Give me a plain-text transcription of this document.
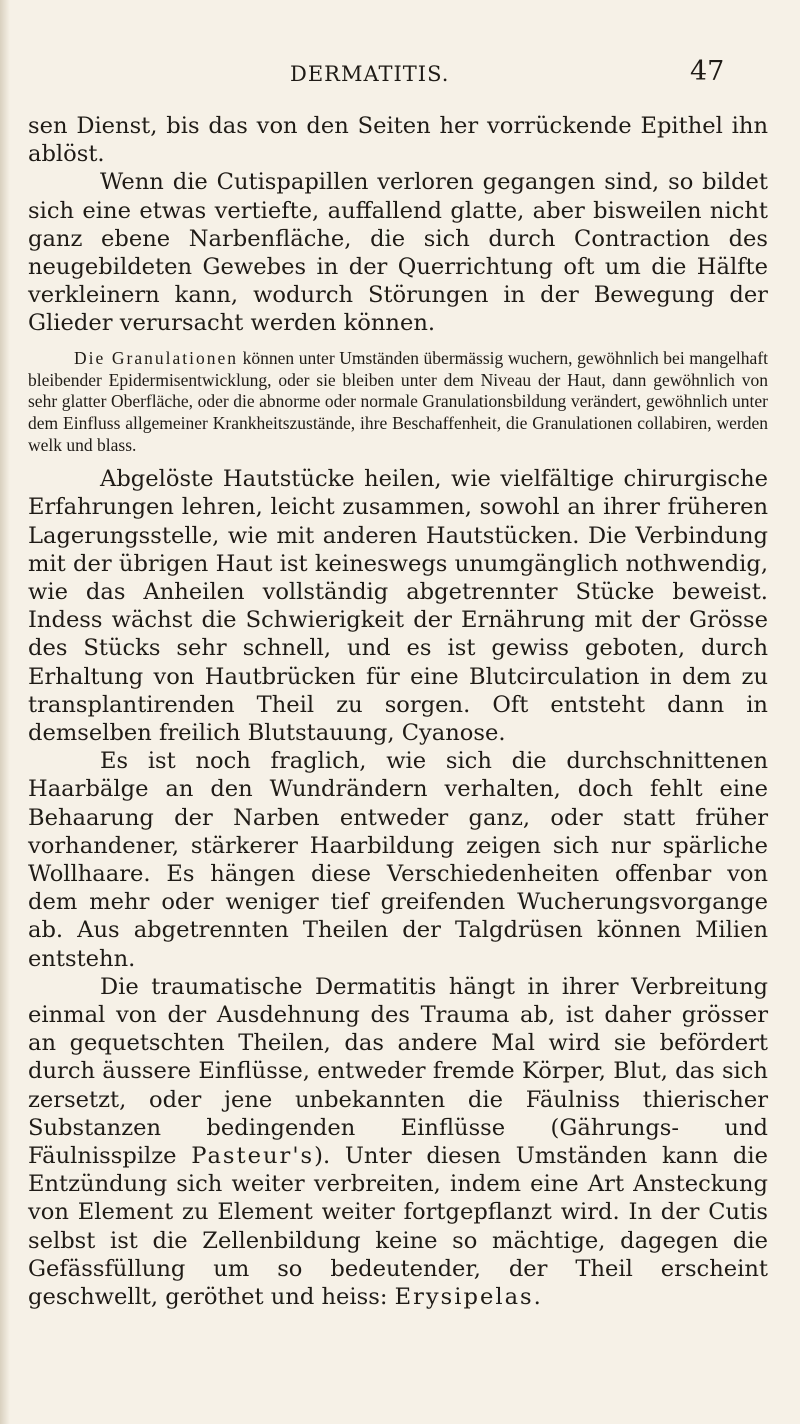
DERMATITIS.	47

sen Dienst, bis das von den Seiten her vorrückende Epithel ihn ablöst.

Wenn die Cutispapillen verloren gegangen sind, so bildet sich eine etwas vertiefte, auffallend glatte, aber bisweilen nicht ganz ebene Narbenfläche, die sich durch Contraction des neugebildeten Gewebes in der Querrichtung oft um die Hälfte verkleinern kann, wodurch Störungen in der Bewegung der Glieder verursacht werden können.

Die Granulationen können unter Umständen übermässig wuchern, gewöhnlich bei mangelhaft bleibender Epidermisentwicklung, oder sie bleiben unter dem Niveau der Haut, dann gewöhnlich von sehr glatter Oberfläche, oder die abnorme oder normale Granulationsbildung verändert, gewöhnlich unter dem Einfluss allgemeiner Krankheitszustände, ihre Beschaffenheit, die Granulationen collabiren, werden welk und blass.

Abgelöste Hautstücke heilen, wie vielfältige chirurgische Erfahrungen lehren, leicht zusammen, sowohl an ihrer früheren Lagerungsstelle, wie mit anderen Hautstücken. Die Verbindung mit der übrigen Haut ist keineswegs unumgänglich nothwendig, wie das Anheilen vollständig abgetrennter Stücke beweist. Indess wächst die Schwierigkeit der Ernährung mit der Grösse des Stücks sehr schnell, und es ist gewiss geboten, durch Erhaltung von Hautbrücken für eine Blutcirculation in dem zu transplantirenden Theil zu sorgen. Oft entsteht dann in demselben freilich Blutstauung, Cyanose.

Es ist noch fraglich, wie sich die durchschnittenen Haarbälge an den Wundrändern verhalten, doch fehlt eine Behaarung der Narben entweder ganz, oder statt früher vorhandener, stärkerer Haarbildung zeigen sich nur spärliche Wollhaare. Es hängen diese Verschiedenheiten offenbar von dem mehr oder weniger tief greifenden Wucherungsvorgange ab. Aus abgetrennten Theilen der Talgdrüsen können Milien entstehn.

Die traumatische Dermatitis hängt in ihrer Verbreitung einmal von der Ausdehnung des Trauma ab, ist daher grösser an gequetschten Theilen, das andere Mal wird sie befördert durch äussere Einflüsse, entweder fremde Körper, Blut, das sich zersetzt, oder jene unbekannten die Fäulniss thierischer Substanzen bedingenden Einflüsse (Gährungs- und Fäulnisspilze Pasteur's). Unter diesen Umständen kann die Entzündung sich weiter verbreiten, indem eine Art Ansteckung von Element zu Element weiter fortgepflanzt wird. In der Cutis selbst ist die Zellenbildung keine so mächtige, dagegen die Gefässfüllung um so bedeutender, der Theil erscheint geschwellt, geröthet und heiss: Erysipelas.
